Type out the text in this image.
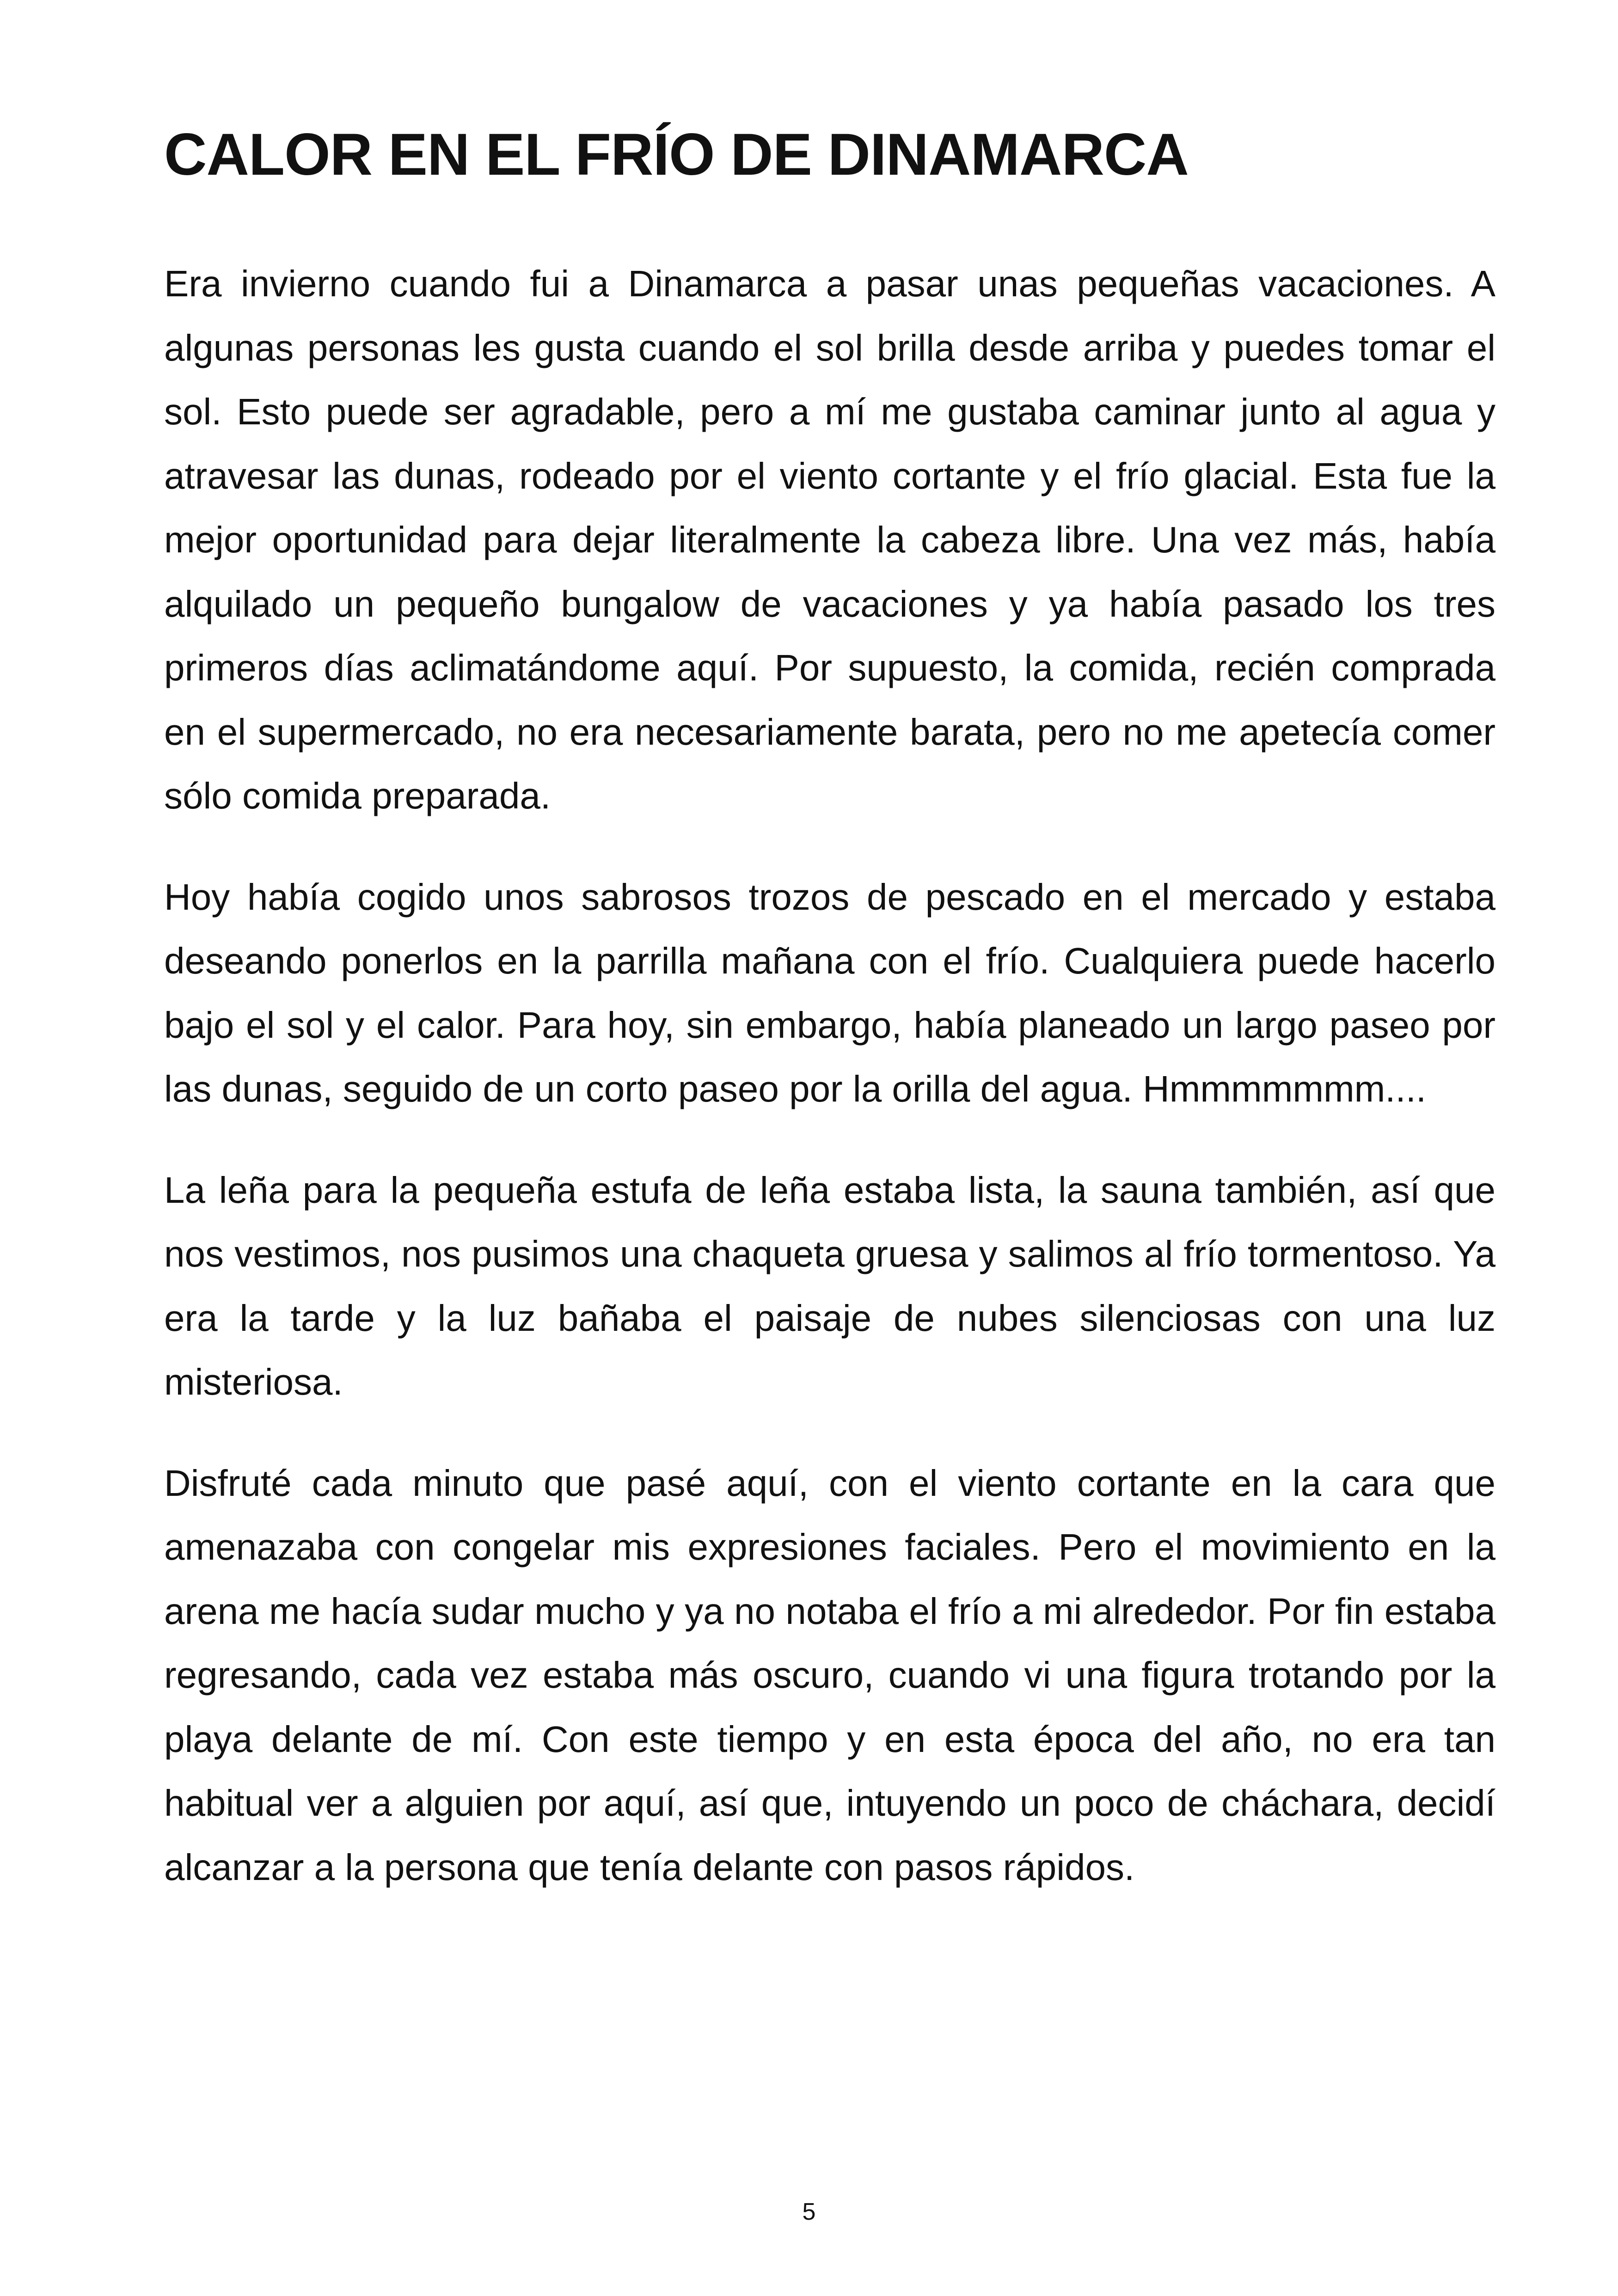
CALOR EN EL FRÍO DE DINAMARCA

Era invierno cuando fui a Dinamarca a pasar unas pequeñas vacaciones. A algunas personas les gusta cuando el sol brilla desde arriba y puedes tomar el sol. Esto puede ser agradable, pero a mí me gustaba caminar junto al agua y atravesar las dunas, rodeado por el viento cortante y el frío glacial. Esta fue la mejor oportunidad para dejar literalmente la cabeza libre. Una vez más, había alquilado un pequeño bungalow de vacaciones y ya había pasado los tres primeros días aclimatándome aquí. Por supuesto, la comida, recién comprada en el supermercado, no era necesariamente barata, pero no me apetecía comer sólo comida preparada.

Hoy había cogido unos sabrosos trozos de pescado en el mercado y estaba deseando ponerlos en la parrilla mañana con el frío. Cualquiera puede hacerlo bajo el sol y el calor. Para hoy, sin embargo, había planeado un largo paseo por las dunas, seguido de un corto paseo por la orilla del agua. Hmmmmmmm....

La leña para la pequeña estufa de leña estaba lista, la sauna también, así que nos vestimos, nos pusimos una chaqueta gruesa y salimos al frío tormentoso. Ya era la tarde y la luz bañaba el paisaje de nubes silenciosas con una luz misteriosa.

Disfruté cada minuto que pasé aquí, con el viento cortante en la cara que amenazaba con congelar mis expresiones faciales. Pero el movimiento en la arena me hacía sudar mucho y ya no notaba el frío a mi alrededor. Por fin estaba regresando, cada vez estaba más oscuro, cuando vi una figura trotando por la playa delante de mí. Con este tiempo y en esta época del año, no era tan habitual ver a alguien por aquí, así que, intuyendo un poco de cháchara, decidí alcanzar a la persona que tenía delante con pasos rápidos.

5
